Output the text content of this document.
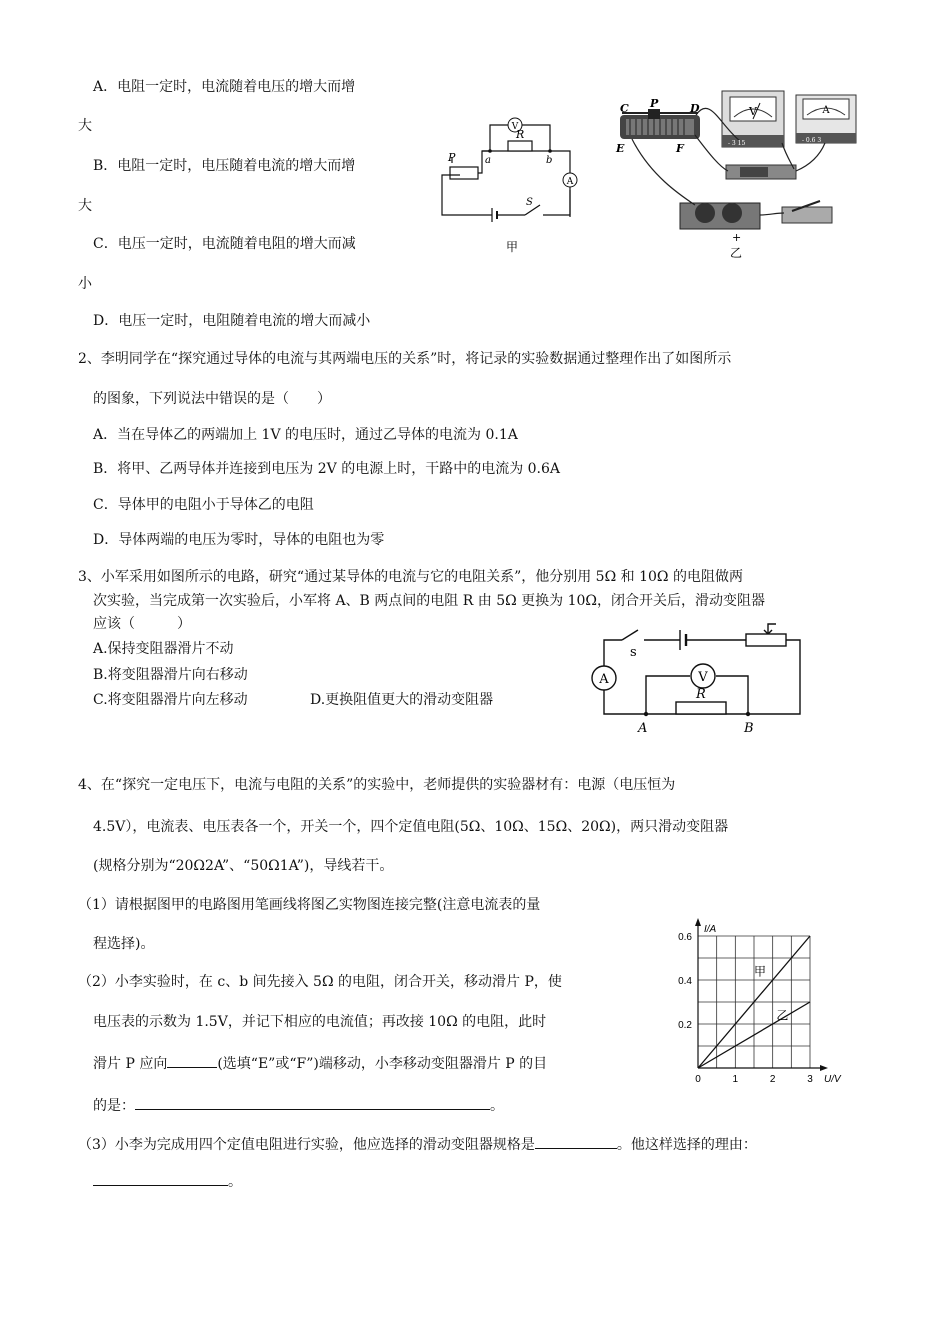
A．电阻一定时，电流随着电压的增大而增
大
B．电阻一定时，电压随着电流的增大而增
大
C．电压一定时，电流随着电阻的增大而减
小
D．电压一定时，电阻随着电流的增大而减小
V
A
R
P	a	b
S
甲
C P	D
E	F
V	A
- 3 15	- 0.6 3
+
乙
2、李明同学在“探究通过导体的电流与其两端电压的关系”时，将记录的实验数据通过整理作出了如图所示
的图象，下列说法中错误的是（　　）
A．当在导体乙的两端加上 1V 的电压时，通过乙导体的电流为 0.1A
B．将甲、乙两导体并连接到电压为 2V 的电源上时，干路中的电流为 0.6A
C．导体甲的电阻小于导体乙的电阻
D．导体两端的电压为零时，导体的电阻也为零
3、小军采用如图所示的电路，研究“通过某导体的电流与它的电阻关系”，他分别用 5Ω 和 10Ω 的电阻做两
次实验，当完成第一次实验后，小军将 A、B 两点间的电阻 R 由 5Ω 更换为 10Ω，闭合开关后，滑动变阻器
应该（　　　）
A.保持变阻器滑片不动
B.将变阻器滑片向右移动
C.将变阻器滑片向左移动	D.更换阻值更大的滑动变阻器
A	V
s
R
A	B
4、在“探究一定电压下，电流与电阻的关系”的实验中，老师提供的实验器材有：电源（电压恒为
4.5V），电流表、电压表各一个，开关一个，四个定值电阻(5Ω、10Ω、15Ω、20Ω)，两只滑动变阻器
(规格分别为“20Ω2A”、“50Ω1A”)，导线若干。
（1）请根据图甲的电路图用笔画线将图乙实物图连接完整(注意电流表的量
程选择)。
（2）小李实验时，在 c、b 间先接入 5Ω 的电阻，闭合开关，移动滑片 P，使
电压表的示数为 1.5V，并记下相应的电流值；再改接 10Ω 的电阻，此时
滑片 P 应向	(选填“E”或“F”)端移动，小李移动变阻器滑片 P 的目
的是：	。
（3）小李为完成用四个定值电阻进行实验，他应选择的滑动变阻器规格是	。他这样选择的理由：
。
0	1	2	3
0.2
0.4
0.6
U/V
I/A
甲
乙
